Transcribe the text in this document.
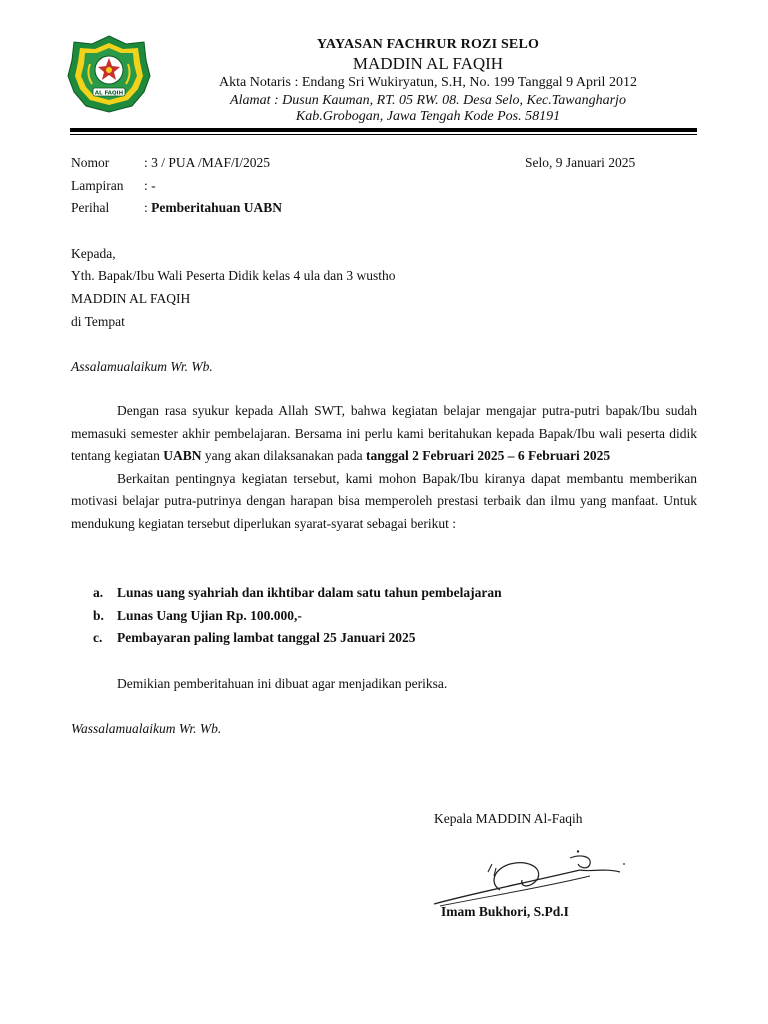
AL FAQIH
YAYASAN FACHRUR ROZI SELO
MADDIN AL FAQIH
Akta Notaris : Endang Sri Wukiryatun, S.H, No. 199 Tanggal 9 April 2012
Alamat : Dusun Kauman, RT. 05 RW. 08. Desa Selo, Kec.Tawangharjo
Kab.Grobogan, Jawa Tengah Kode Pos. 58191
Nomor	: 3 / PUA /MAF/I/2025	Selo, 9 Januari 2025
Lampiran : -
Perihal	: Pemberitahuan UABN
Kepada,
Yth. Bapak/Ibu Wali Peserta Didik kelas 4 ula dan 3 wustho
MADDIN AL FAQIH
di Tempat
Assalamualaikum Wr. Wb.

Dengan rasa syukur kepada Allah SWT, bahwa kegiatan belajar mengajar putra-putri bapak/Ibu sudah memasuki semester akhir pembelajaran. Bersama ini perlu kami beritahukan kepada Bapak/Ibu wali peserta didik tentang kegiatan UABN yang akan dilaksanakan pada tanggal 2 Februari 2025 – 6 Februari 2025

Berkaitan pentingnya kegiatan tersebut, kami mohon Bapak/Ibu kiranya dapat membantu memberikan motivasi belajar putra-putrinya dengan harapan bisa memperoleh prestasi terbaik dan ilmu yang manfaat. Untuk mendukung kegiatan tersebut diperlukan syarat-syarat sebagai berikut :

a. Lunas uang syahriah dan ikhtibar dalam satu tahun pembelajaran
b. Lunas Uang Ujian Rp. 100.000,-
c. Pembayaran paling lambat tanggal 25 Januari 2025
Demikian pemberitahuan ini dibuat agar menjadikan periksa.
Wassalamualaikum Wr. Wb.
Kepala MADDIN Al-Faqih
Imam Bukhori, S.Pd.I
